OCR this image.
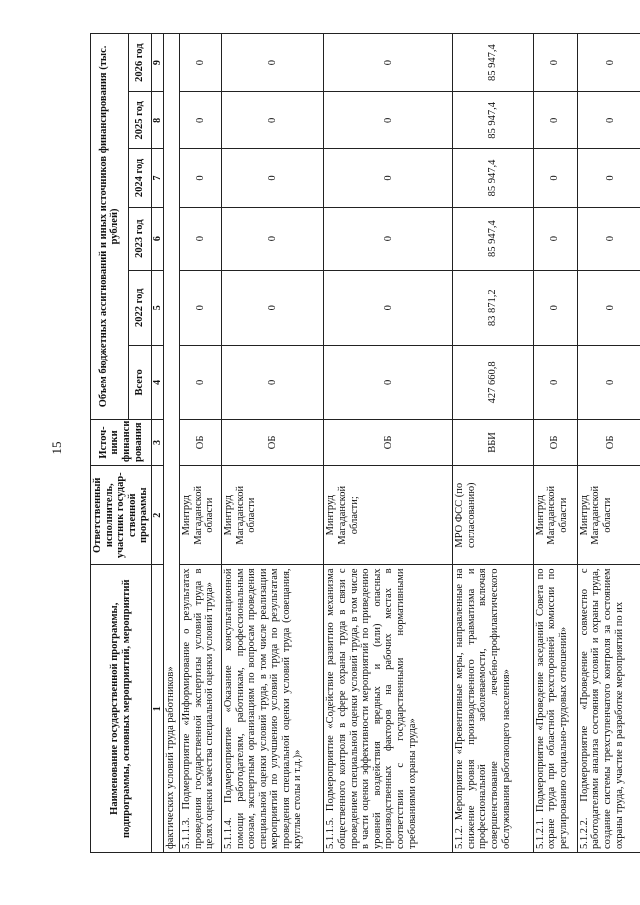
15
Наименование государственной программы, подпрограммы, основных мероприятий, мероприятий	Ответственный исполнитель, участник государ-ственной программы	Источ-ники финанси рования	Объем бюджетных ассигнований и иных источников финансирования (тыс. рублей)					
			Всего	2022 год	2023 год	2024 год	2025 год	2026 год
1	2	3	4	5	6	7	8	9
фактических условий труда работников»								
5.1.1.3. Подмероприятие «Информирование о результатах проведения государственной экспертизы условий труда в целях оценки качества специальной оценки условий труда»	Минтруд Магаданской области	ОБ	0	0	0	0	0	0
5.1.1.4. Подмероприятие «Оказание консультационной помощи работодателям, работникам, профессиональным союзам, экспертным организациям по вопросам проведения специальной оценки условий труда, в том числе реализации мероприятий по улучшению условий труда по результатам проведения специальной оценки условий труда (совещания, круглые столы и т.д.)»	Минтруд Магаданской области	ОБ	0	0	0	0	0	0
5.1.1.5. Подмероприятие «Содействие развитию механизма общественного контроля в сфере охраны труда в связи с проведением специальной оценки условий труда, в том числе в части оценки эффективности мероприятий по приведению уровней воздействия вредных и (или) опасных производственных факторов на рабочих местах в соответствии с государственными нормативными требованиями охраны труда»	Минтруд Магаданской области;	ОБ	0	0	0	0	0	0
5.1.2. Мероприятие «Превентивные меры, направленные на снижение уровня производственного травматизма и профессиональной заболеваемости, включая совершенствование лечебно-профилактического обслуживания работающего населения»	МРО ФСС (по согласованию)	ВБИ	427 660,8	83 871,2	85 947,4	85 947,4	85 947,4	85 947,4
5.1.2.1. Подмероприятие «Проведение заседаний Совета по охране труда при областной трехсторонней комиссии по регулированию социально-трудовых отношений»	Минтруд Магаданской области	ОБ	0	0	0	0	0	0
5.1.2.2. Подмероприятие «Проведение совместно с работодателями анализа состояния условий и охраны труда, создание системы трехступенчатого контроля за состоянием охраны труда, участие в разработке мероприятий по их	Минтруд Магаданской области	ОБ	0	0	0	0	0	0
